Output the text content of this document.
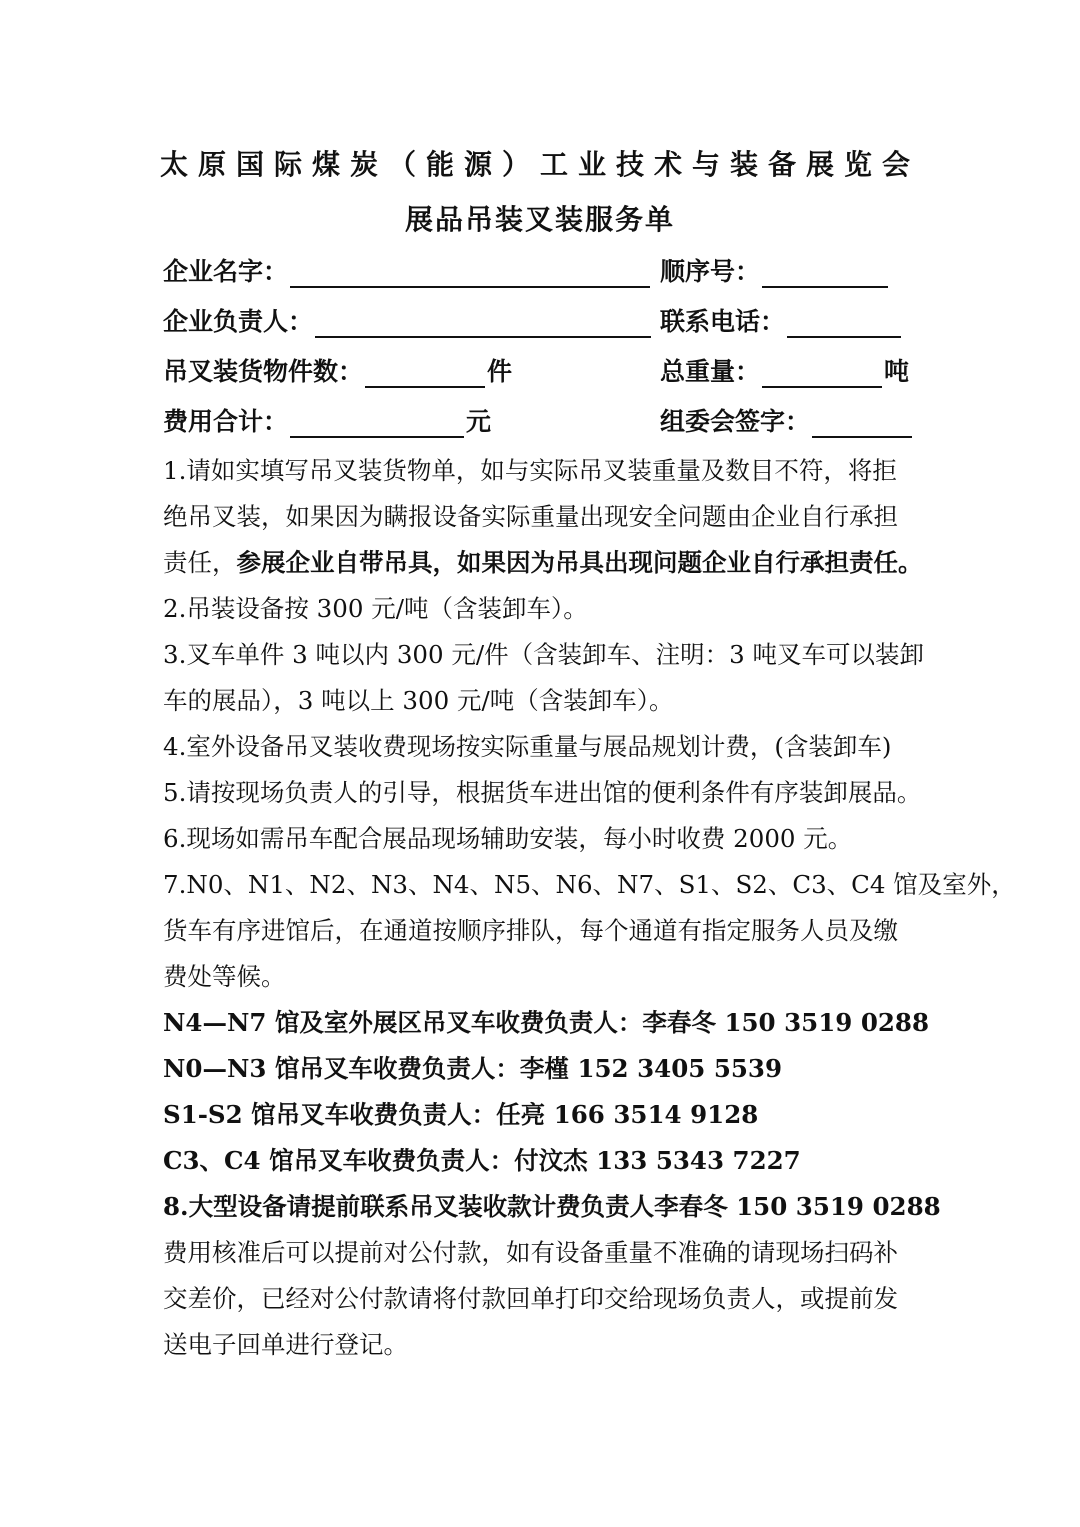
太原国际煤炭（能源）工业技术与装备展览会
展品吊装叉装服务单
企业名字：	顺序号：
企业负责人：	联系电话：
吊叉装货物件数：	件	总重量：	吨
费用合计：	元	组委会签字：
1.请如实填写吊叉装货物单，如与实际吊叉装重量及数目不符，将拒
绝吊叉装，如果因为瞒报设备实际重量出现安全问题由企业自行承担
责任，参展企业自带吊具，如果因为吊具出现问题企业自行承担责任。
2.吊装设备按 300 元/吨（含装卸车）。
3.叉车单件 3 吨以内 300 元/件（含装卸车、注明：3 吨叉车可以装卸
车的展品），3 吨以上 300 元/吨（含装卸车）。
4.室外设备吊叉装收费现场按实际重量与展品规划计费，(含装卸车)
5.请按现场负责人的引导，根据货车进出馆的便利条件有序装卸展品。
6.现场如需吊车配合展品现场辅助安装，每小时收费 2000 元。
7.N0、N1、N2、N3、N4、N5、N6、N7、S1、S2、C3、C4 馆及室外，
货车有序进馆后，在通道按顺序排队，每个通道有指定服务人员及缴
费处等候。
N4—N7 馆及室外展区吊叉车收费负责人：李春冬 150 3519 0288
N0—N3 馆吊叉车收费负责人：李槿 152 3405 5539
S1-S2 馆吊叉车收费负责人：任亮 166 3514 9128
C3、C4 馆吊叉车收费负责人：付汶杰 133 5343 7227
8.大型设备请提前联系吊叉装收款计费负责人李春冬 150 3519 0288
费用核准后可以提前对公付款，如有设备重量不准确的请现场扫码补
交差价，已经对公付款请将付款回单打印交给现场负责人，或提前发
送电子回单进行登记。
